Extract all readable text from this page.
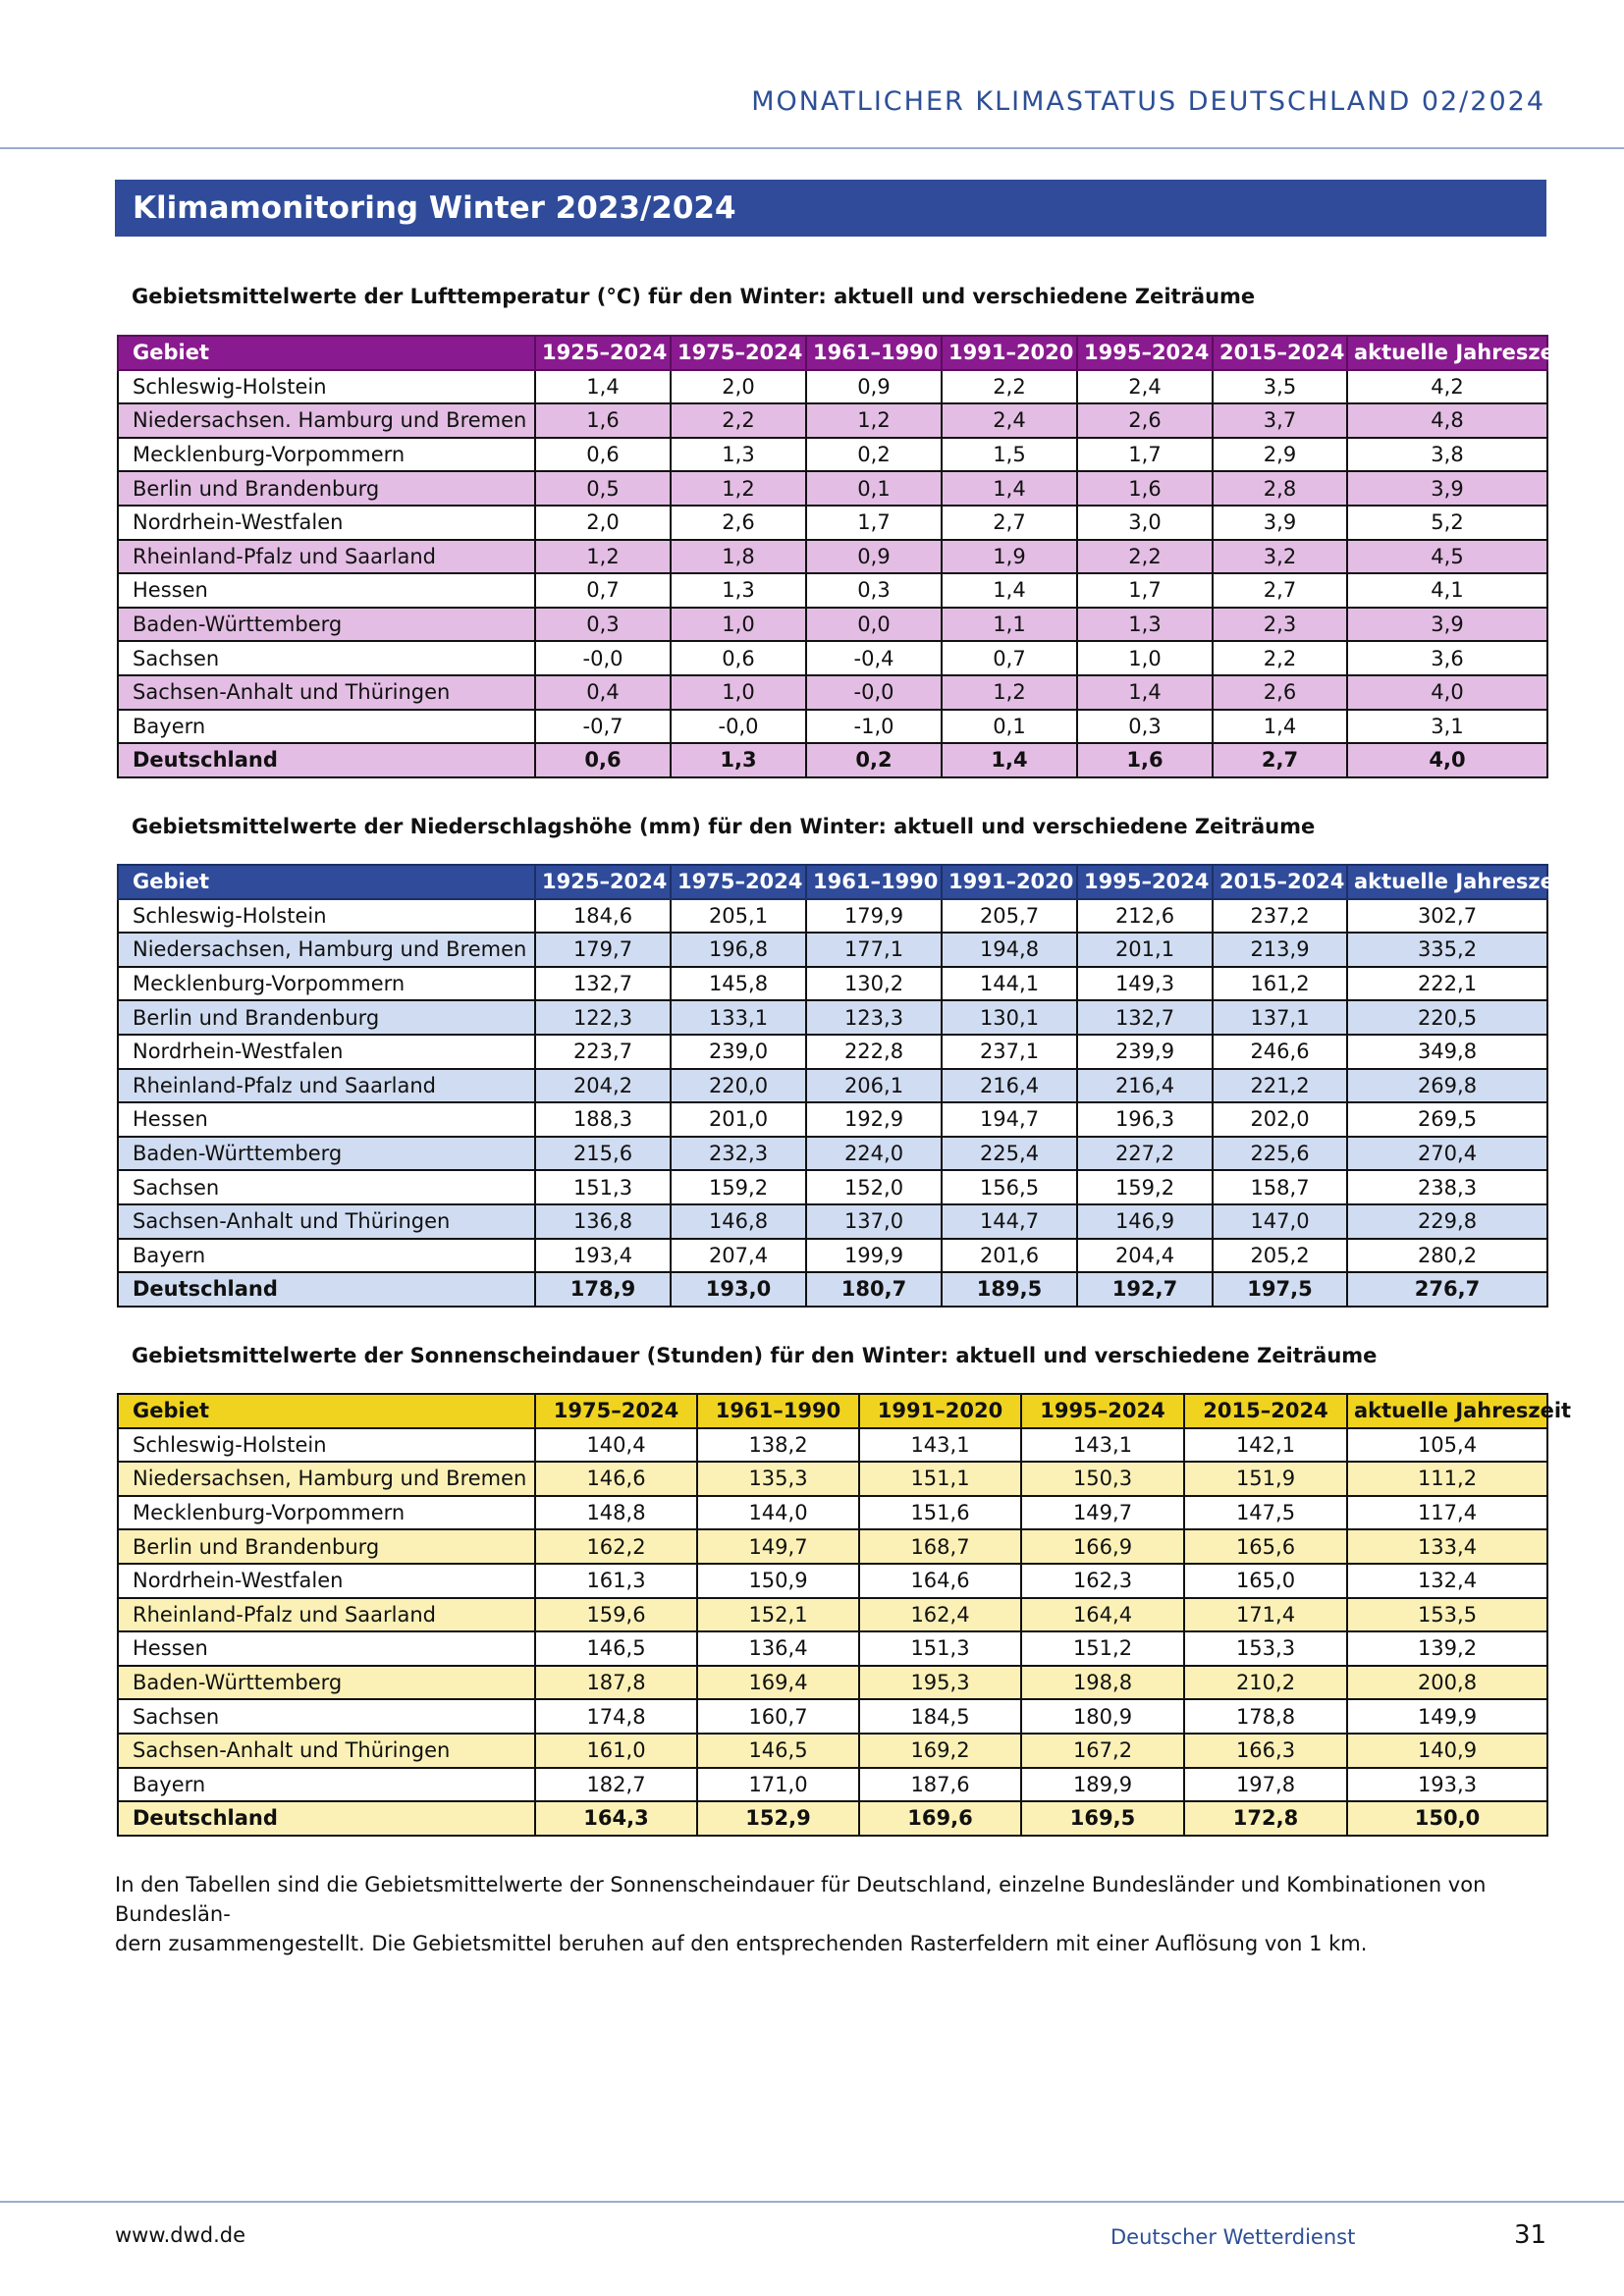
MONATLICHER KLIMASTATUS DEUTSCHLAND 02/2024
Klimamonitoring Winter 2023/2024
Gebietsmittelwerte der Lufttemperatur (°C) für den Winter: aktuell und verschiedene Zeiträume
Gebiet	1925–2024	1975–2024	1961–1990	1991–2020	1995–2024	2015–2024	aktuelle Jahreszeit
Schleswig-Holstein	1,4	2,0	0,9	2,2	2,4	3,5	4,2
Niedersachsen. Hamburg und Bremen	1,6	2,2	1,2	2,4	2,6	3,7	4,8
Mecklenburg-Vorpommern	0,6	1,3	0,2	1,5	1,7	2,9	3,8
Berlin und Brandenburg	0,5	1,2	0,1	1,4	1,6	2,8	3,9
Nordrhein-Westfalen	2,0	2,6	1,7	2,7	3,0	3,9	5,2
Rheinland-Pfalz und Saarland	1,2	1,8	0,9	1,9	2,2	3,2	4,5
Hessen	0,7	1,3	0,3	1,4	1,7	2,7	4,1
Baden-Württemberg	0,3	1,0	0,0	1,1	1,3	2,3	3,9
Sachsen	-0,0	0,6	-0,4	0,7	1,0	2,2	3,6
Sachsen-Anhalt und Thüringen	0,4	1,0	-0,0	1,2	1,4	2,6	4,0
Bayern	-0,7	-0,0	-1,0	0,1	0,3	1,4	3,1
Deutschland	0,6	1,3	0,2	1,4	1,6	2,7	4,0
Gebietsmittelwerte der Niederschlagshöhe (mm) für den Winter: aktuell und verschiedene Zeiträume
Gebiet	1925–2024	1975–2024	1961–1990	1991–2020	1995–2024	2015–2024	aktuelle Jahreszeit
Schleswig-Holstein	184,6	205,1	179,9	205,7	212,6	237,2	302,7
Niedersachsen, Hamburg und Bremen	179,7	196,8	177,1	194,8	201,1	213,9	335,2
Mecklenburg-Vorpommern	132,7	145,8	130,2	144,1	149,3	161,2	222,1
Berlin und Brandenburg	122,3	133,1	123,3	130,1	132,7	137,1	220,5
Nordrhein-Westfalen	223,7	239,0	222,8	237,1	239,9	246,6	349,8
Rheinland-Pfalz und Saarland	204,2	220,0	206,1	216,4	216,4	221,2	269,8
Hessen	188,3	201,0	192,9	194,7	196,3	202,0	269,5
Baden-Württemberg	215,6	232,3	224,0	225,4	227,2	225,6	270,4
Sachsen	151,3	159,2	152,0	156,5	159,2	158,7	238,3
Sachsen-Anhalt und Thüringen	136,8	146,8	137,0	144,7	146,9	147,0	229,8
Bayern	193,4	207,4	199,9	201,6	204,4	205,2	280,2
Deutschland	178,9	193,0	180,7	189,5	192,7	197,5	276,7
Gebietsmittelwerte der Sonnenscheindauer (Stunden) für den Winter: aktuell und verschiedene Zeiträume
Gebiet	1975–2024	1961–1990	1991–2020	1995–2024	2015–2024	aktuelle Jahreszeit
Schleswig-Holstein	140,4	138,2	143,1	143,1	142,1	105,4
Niedersachsen, Hamburg und Bremen	146,6	135,3	151,1	150,3	151,9	111,2
Mecklenburg-Vorpommern	148,8	144,0	151,6	149,7	147,5	117,4
Berlin und Brandenburg	162,2	149,7	168,7	166,9	165,6	133,4
Nordrhein-Westfalen	161,3	150,9	164,6	162,3	165,0	132,4
Rheinland-Pfalz und Saarland	159,6	152,1	162,4	164,4	171,4	153,5
Hessen	146,5	136,4	151,3	151,2	153,3	139,2
Baden-Württemberg	187,8	169,4	195,3	198,8	210,2	200,8
Sachsen	174,8	160,7	184,5	180,9	178,8	149,9
Sachsen-Anhalt und Thüringen	161,0	146,5	169,2	167,2	166,3	140,9
Bayern	182,7	171,0	187,6	189,9	197,8	193,3
Deutschland	164,3	152,9	169,6	169,5	172,8	150,0
In den Tabellen sind die Gebietsmittelwerte der Sonnenscheindauer für Deutschland, einzelne Bundesländer und Kombinationen von Bundeslän-
dern zusammengestellt. Die Gebietsmittel beruhen auf den entsprechenden Rasterfeldern mit einer Auflösung von 1 km.
www.dwd.de	Deutscher Wetterdienst	31
